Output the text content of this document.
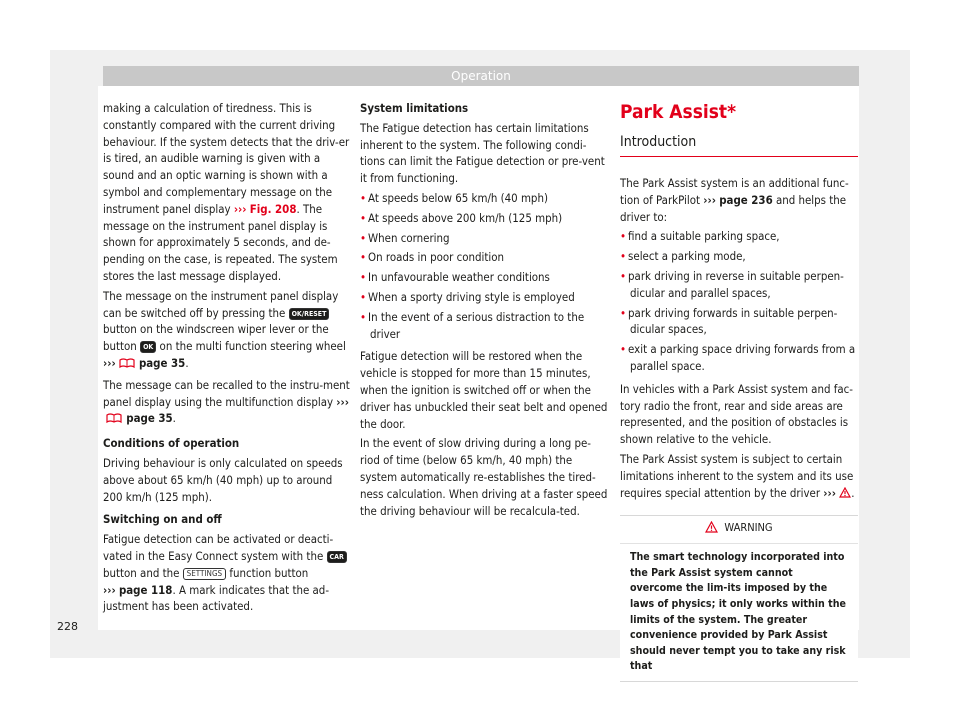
Operation

making a calculation of tiredness. This is constantly compared with the current driving behaviour. If the system detects that the driv-er is tired, an audible warning is given with a sound and an optic warning is shown with a symbol and complementary message on the instrument panel display ››› Fig. 208. The message on the instrument panel display is shown for approximately 5 seconds, and de-pending on the case, is repeated. The system stores the last message displayed.

The message on the instrument panel display can be switched off by pressing the OK/RESET button on the windscreen wiper lever or the button OK on the multi function steering wheel ››› page 35.

The message can be recalled to the instru-ment panel display using the multifunction display ››› page 35.

Conditions of operation

Driving behaviour is only calculated on speeds above about 65 km/h (40 mph) up to around 200 km/h (125 mph).

Switching on and off

Fatigue detection can be activated or deacti-vated in the Easy Connect system with the CAR button and the SETTINGS function button
››› page 118. A mark indicates that the ad-justment has been activated.

System limitations

The Fatigue detection has certain limitations inherent to the system. The following condi-tions can limit the Fatigue detection or pre-vent it from functioning.

• At speeds below 65 km/h (40 mph)
• At speeds above 200 km/h (125 mph)
• When cornering
• On roads in poor condition
• In unfavourable weather conditions
• When a sporty driving style is employed
• In the event of a serious distraction to the driver

Fatigue detection will be restored when the vehicle is stopped for more than 15 minutes, when the ignition is switched off or when the driver has unbuckled their seat belt and opened the door.

In the event of slow driving during a long pe-riod of time (below 65 km/h, 40 mph) the system automatically re-establishes the tired-ness calculation. When driving at a faster speed the driving behaviour will be recalcula-ted.

Park Assist*
Introduction

The Park Assist system is an additional func-tion of ParkPilot ››› page 236 and helps the driver to:

• find a suitable parking space,
• select a parking mode,
• park driving in reverse in suitable perpen-dicular and parallel spaces,
• park driving forwards in suitable perpen-dicular spaces,
• exit a parking space driving forwards from a parallel space.

In vehicles with a Park Assist system and fac-tory radio the front, rear and side areas are represented, and the position of obstacles is shown relative to the vehicle.

The Park Assist system is subject to certain limitations inherent to the system and its use requires special attention by the driver ››› .

WARNING
The smart technology incorporated into the Park Assist system cannot overcome the lim-its imposed by the laws of physics; it only works within the limits of the system. The greater convenience provided by Park Assist should never tempt you to take any risk that
228
